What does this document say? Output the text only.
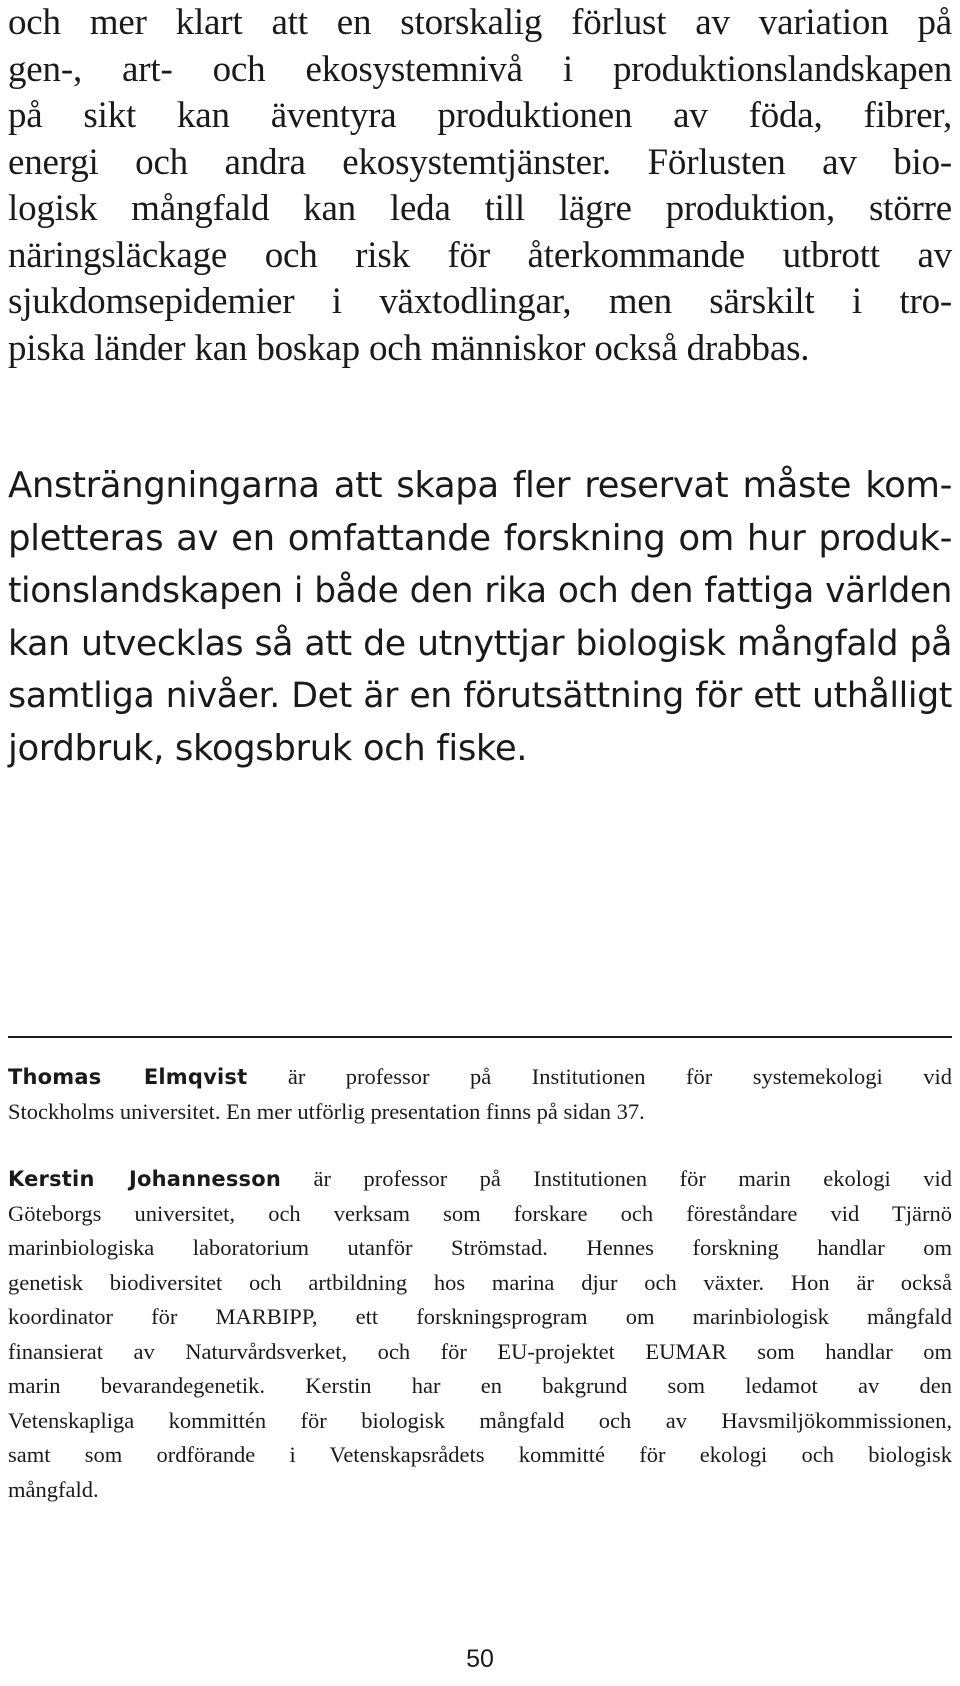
och mer klart att en storskalig förlust av variation på
gen-, art- och ekosystemnivå i produktionslandskapen
på sikt kan äventyra produktionen av föda, fibrer,
energi och andra ekosystemtjänster. Förlusten av bio-
logisk mångfald kan leda till lägre produktion, större
näringsläckage och risk för återkommande utbrott av
sjukdomsepidemier i växtodlingar, men särskilt i tro-
piska länder kan boskap och människor också drabbas.

Ansträngningarna att skapa fler reservat måste kom-
pletteras av en omfattande forskning om hur produk-
tionslandskapen i både den rika och den fattiga världen
kan utvecklas så att de utnyttjar biologisk mångfald på
samtliga nivåer. Det är en förutsättning för ett uthålligt
jordbruk, skogsbruk och fiske.

Thomas Elmqvist är professor på Institutionen för systemekologi vid
Stockholms universitet. En mer utförlig presentation finns på sidan 37.

Kerstin Johannesson är professor på Institutionen för marin ekologi vid
Göteborgs universitet, och verksam som forskare och föreståndare vid Tjärnö
marinbiologiska laboratorium utanför Strömstad. Hennes forskning handlar om
genetisk biodiversitet och artbildning hos marina djur och växter. Hon är också
koordinator för MARBIPP, ett forskningsprogram om marinbiologisk mångfald
finansierat av Naturvårdsverket, och för EU-projektet EUMAR som handlar om
marin bevarandegenetik. Kerstin har en bakgrund som ledamot av den
Vetenskapliga kommittén för biologisk mångfald och av Havsmiljökommissionen,
samt som ordförande i Vetenskapsrådets kommitté för ekologi och biologisk
mångfald.

50
